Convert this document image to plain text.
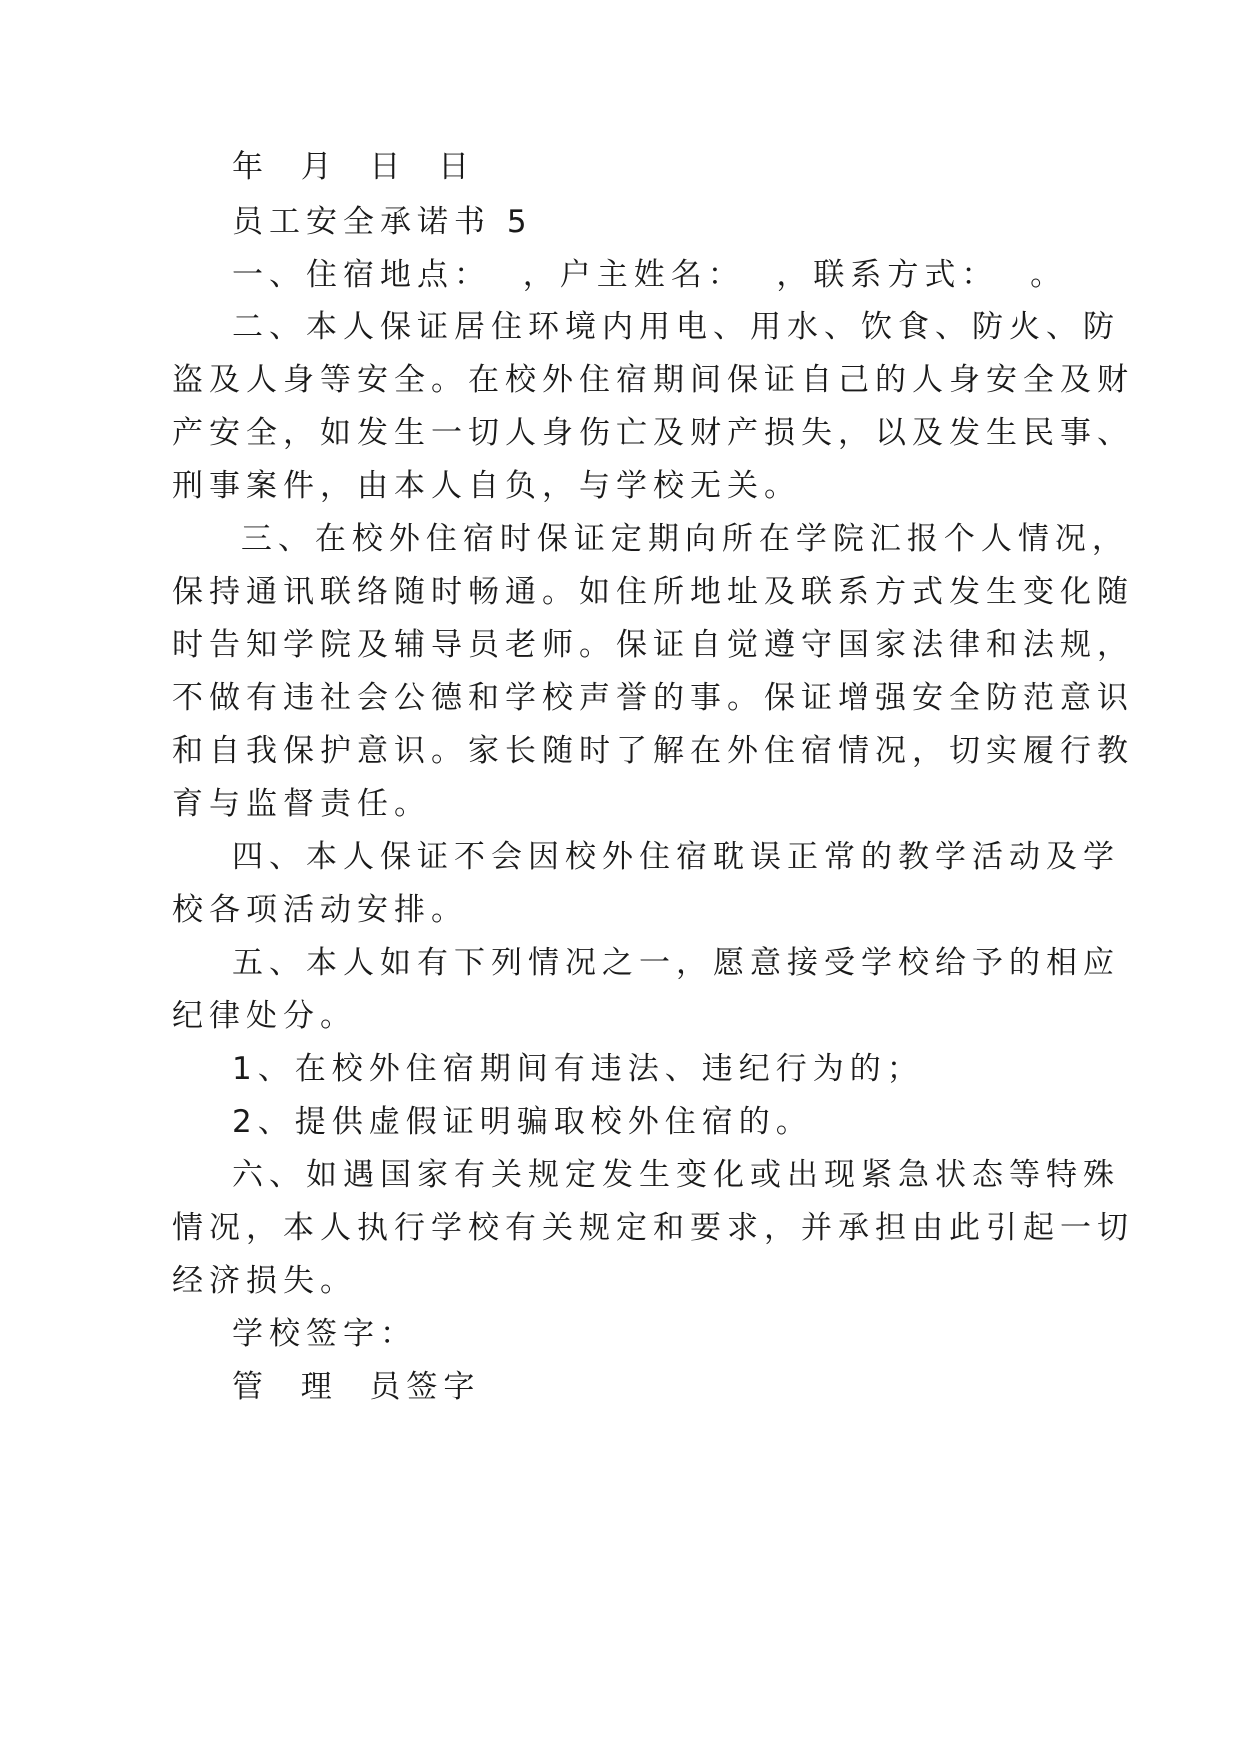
年  月  日  日
员工安全承诺书 5
一、住宿地点：  ，户主姓名：  ，联系方式：  。
二、本人保证居住环境内用电、用水、饮食、防火、防
盗及人身等安全。在校外住宿期间保证自己的人身安全及财
产安全，如发生一切人身伤亡及财产损失，以及发生民事、
刑事案件，由本人自负，与学校无关。
三、在校外住宿时保证定期向所在学院汇报个人情况，
保持通讯联络随时畅通。如住所地址及联系方式发生变化随
时告知学院及辅导员老师。保证自觉遵守国家法律和法规，
不做有违社会公德和学校声誉的事。保证增强安全防范意识
和自我保护意识。家长随时了解在外住宿情况，切实履行教
育与监督责任。
四、本人保证不会因校外住宿耽误正常的教学活动及学
校各项活动安排。
五、本人如有下列情况之一，愿意接受学校给予的相应
纪律处分。
1、在校外住宿期间有违法、违纪行为的；
2、提供虚假证明骗取校外住宿的。
六、如遇国家有关规定发生变化或出现紧急状态等特殊
情况，本人执行学校有关规定和要求，并承担由此引起一切
经济损失。
学校签字：
管  理  员签字
